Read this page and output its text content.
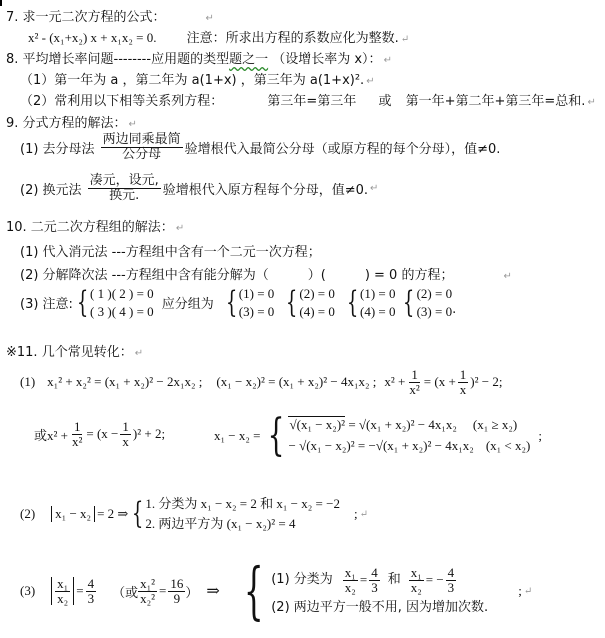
7. 求一元二次方程的公式：	↵
x² - (x₁+x₂) x + x₁x₂ = 0. 注意：所求出方程的系数应化为整数. ↵
8. 平均增长率问题--------应用题的类型题之一 （设增长率为 x）： ↵
（1）第一年为 a ，第二年为 a(1+x) ，第三年为 a(1+x)². ↵
（2）常利用以下相等关系列方程：	第三年=第三年 或 第一年+第二年+第三年=总和. ↵
9. 分式方程的解法： ↵
(1) 去分母法 $\frac{\text{两边同乘最简}}{\text{公分母}}$ 验增根代入最简公分母（或原方程的每个分母），值≠0.
(2) 换元法 $\frac{\text{凑元，设元,}}{\text{换元.}}$ 验增根代入原方程每个分母，值≠0. ↵
10. 二元二次方程组的解法： ↵
(1) 代入消元法 ---方程组中含有一个二元一次方程；
(2) 分解降次法 ---方程组中含有能分解为（　　　）(　　　) = 0 的方程；	↵
(3) 注意: { ( 1 )( 2 ) = 0
( 3 )( 4 ) = 0 应分组为 { (1) = 0
(3) = 0 { (2) = 0
(4) = 0 { (1) = 0
(4) = 0 { (2) = 0
(3) = 0 .
※11. 几个常见转化： ↵
(1) x₁² + x₂² = (x₁ + x₂)² − 2x₁x₂ ; (x₁ − x₂)² = (x₁ + x₂)² − 4x₁x₂ ; $x^2 + \frac{1}{\text{x²}} = (x + \frac{1}{x} )^2 - 2$;
或$x^2 + \frac{1}{\text{x²}} = (x - \frac{1}{x} )^2 + 2$;	x₁ − x₂ = { √(x₁ − x₂)² = √(x₁ + x₂)² − 4x₁x₂ (x₁ ≥ x₂)
− √(x₁ − x₂)² = −√(x₁ + x₂)² − 4x₁x₂ (x₁ < x₂)
;
(2)	x₁ − x₂ = 2 ⇒ { 1. 分类为 x₁ − x₂ = 2 和 x₁ − x₂ = −2
2. 两边平方为 (x₁ − x₂)² = 4
; ↵
$(3) \frac{\text{x₁}}{\text{x₂}} = \frac{4}{3}$ （或 $\frac{\text{x₁²}}{\text{x₂²}} = \frac{16}{9}$ ） ⇒ { (1) 分类为 $\frac{\text{x₁}}{\text{x₂}} = \frac{4}{3}$ 和 $\frac{\text{x₁}}{\text{x₂}}$ = − $\frac{4}{3}$
(2) 两边平方一般不用, 因为增加次数.
; ↵
